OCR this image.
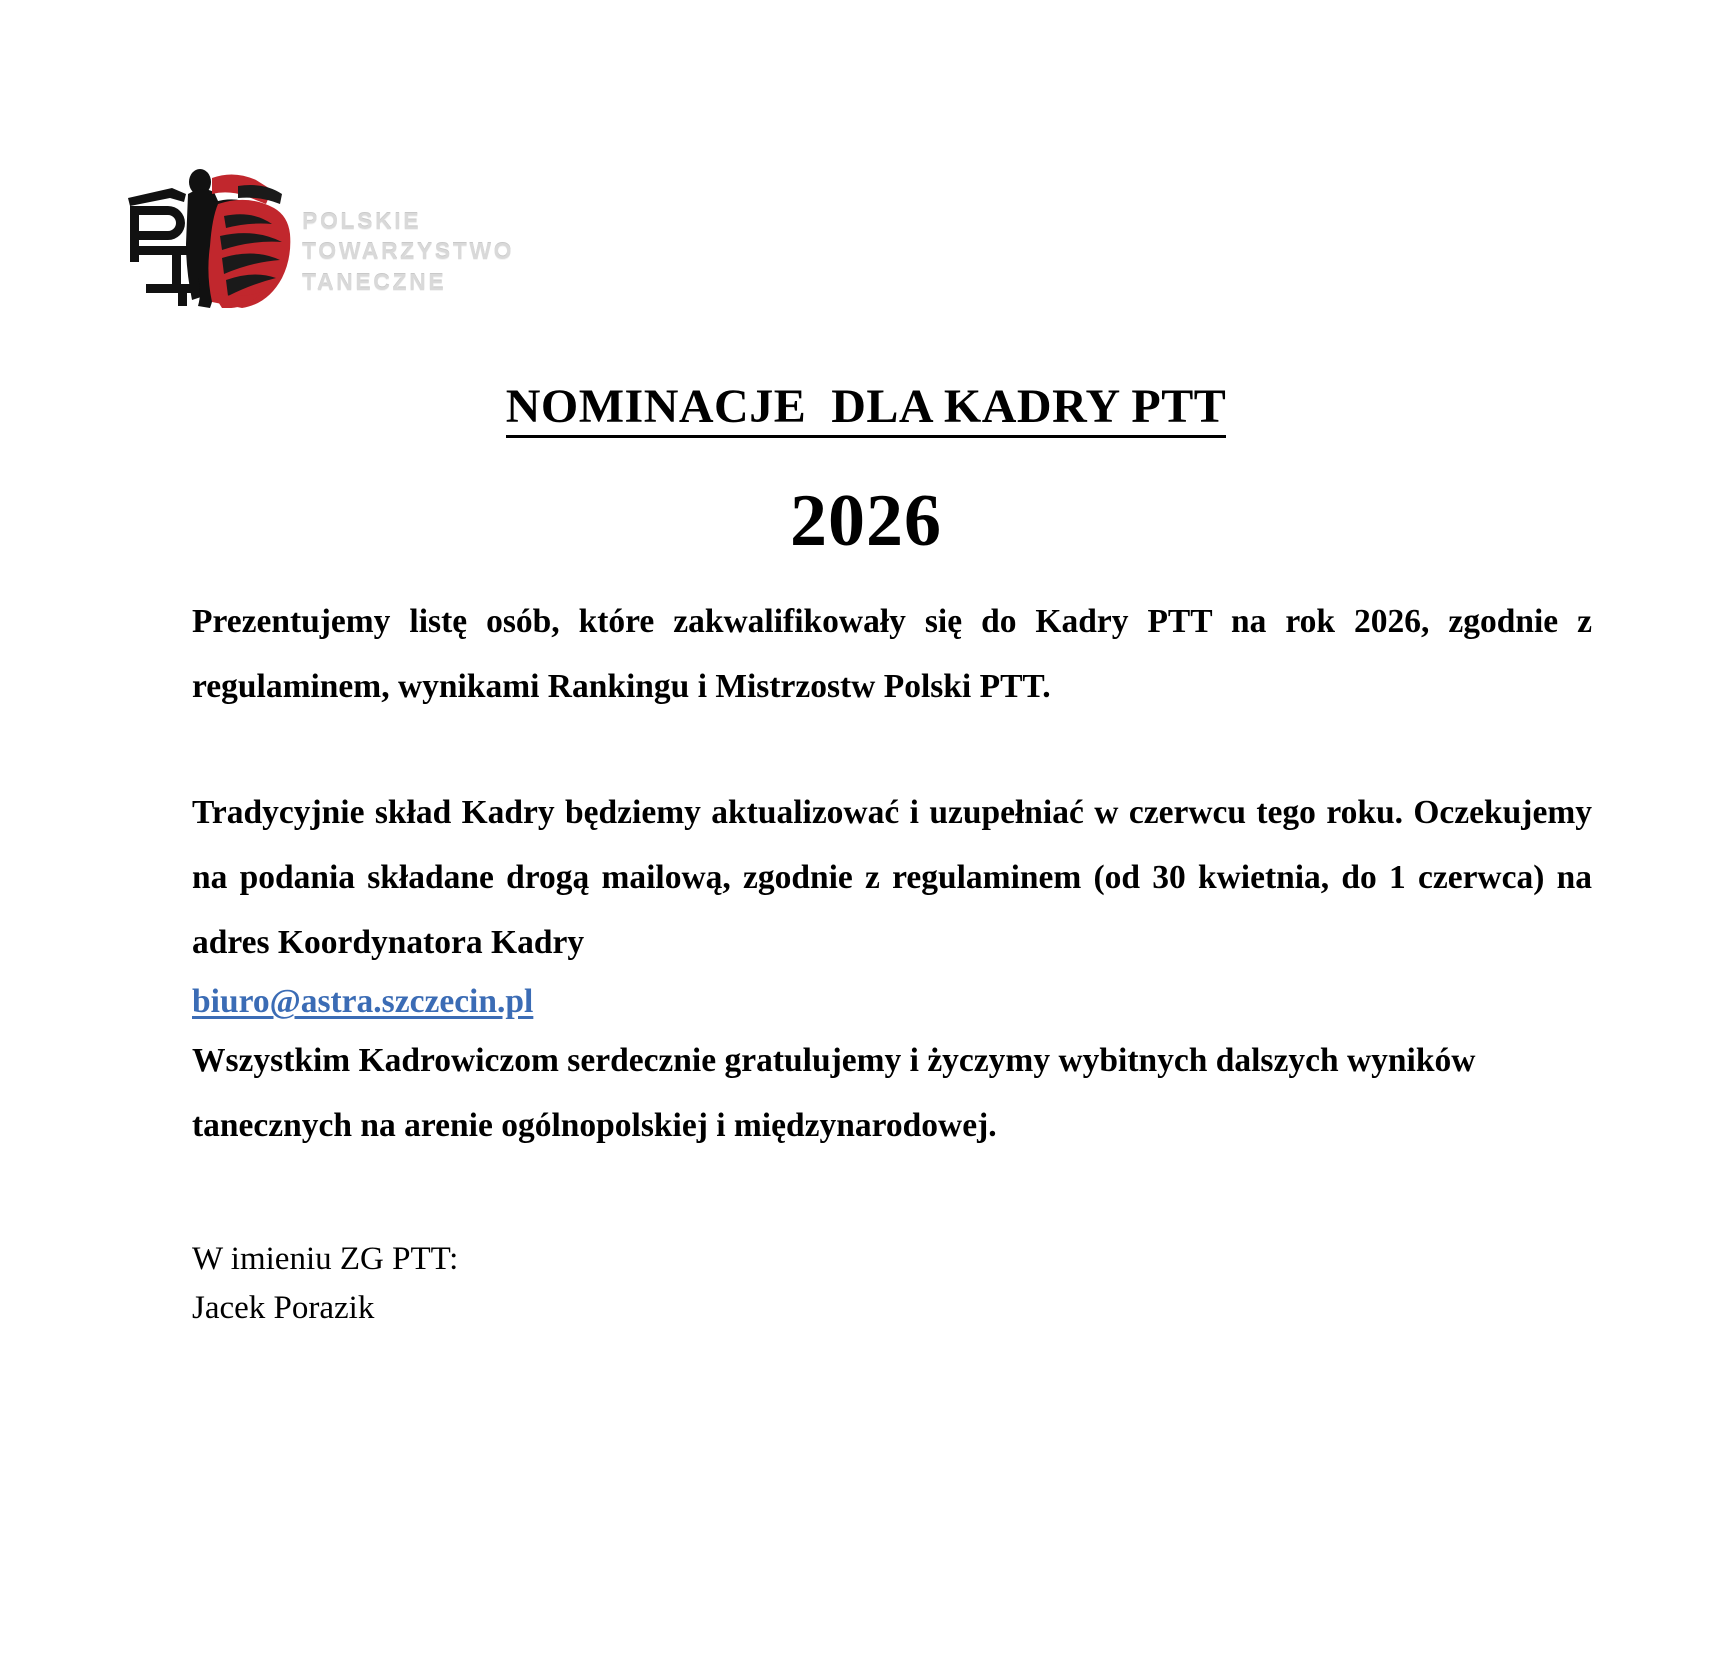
POLSKIE
TOWARZYSTWO
TANECZNE
NOMINACJE  DLA KADRY PTT
2026

Prezentujemy listę osób, które zakwalifikowały się do Kadry PTT na rok 2026, zgodnie z regulaminem, wynikami Rankingu i Mistrzostw Polski PTT.

Tradycyjnie skład Kadry będziemy aktualizować i uzupełniać w czerwcu tego roku. Oczekujemy na podania składane drogą mailową, zgodnie z regulaminem (od 30 kwietnia, do 1 czerwca) na adres Koordynatora Kadry

biuro@astra.szczecin.pl

Wszystkim Kadrowiczom serdecznie gratulujemy i życzymy wybitnych dalszych wyników tanecznych na arenie ogólnopolskiej i międzynarodowej.

W imieniu ZG PTT:

Jacek Porazik
